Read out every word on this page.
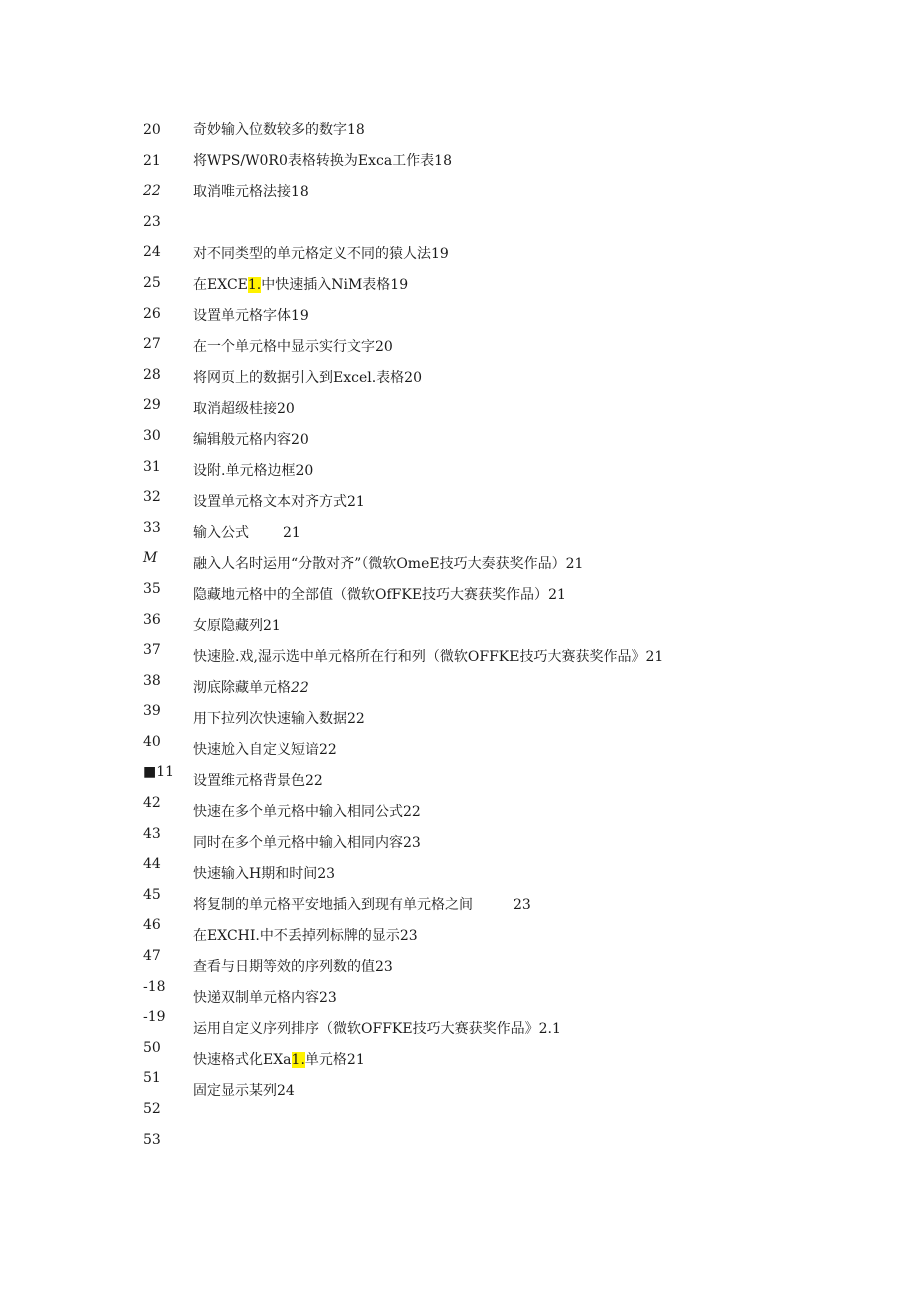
20
21
22
23
24
25
26
27
28
29
30
31
32
33
M
35
36
37
38
39
40
■11
42
43
44
45
46
47
-18
-19
50
51
52
53
奇妙输入位数较多的数字18
将WPS/W0R0表格转换为Exca工作表18
取消唯元格法接18
对不同类型的单元格定义不同的猿人法19
在EXCE1.中快速插入NiM表格19
设置单元格字体19
在一个单元格中显示实行文字20
将网页上的数据引入到Excel.表格20
取消超级桂接20
编辑般元格内容20
设附.单元格边框20
设置单元格文本对齐方式21
输入公式 21
融入人名时运用“分散对齐”（微软OmeE技巧大奏获奖作品）21
隐藏地元格中的全部值（微软OfFKE技巧大赛获奖作品）21
女原隐藏列21
快速脸.戏,湿示选中单元格所在行和列（微软OFFKE技巧大赛获奖作品》21
沏底除藏单元格22
用下拉列次快速输入数据22
快速尬入自定义短谙22
设置维元格背景色22
快速在多个单元格中输入相同公式22
同时在多个单元格中输入相同内容23
快速输入H期和时间23
将复制的单元格平安地插入到现有单元格之间	23
在EXCHI.中不丢掉列标牌的显示23
查看与日期等效的序列数的值23
快递双制单元格内容23
运用自定义序列排序（微软OFFKE技巧大赛获奖作品》2.1
快速格式化EXa1.单元格21
固定显示某列24
